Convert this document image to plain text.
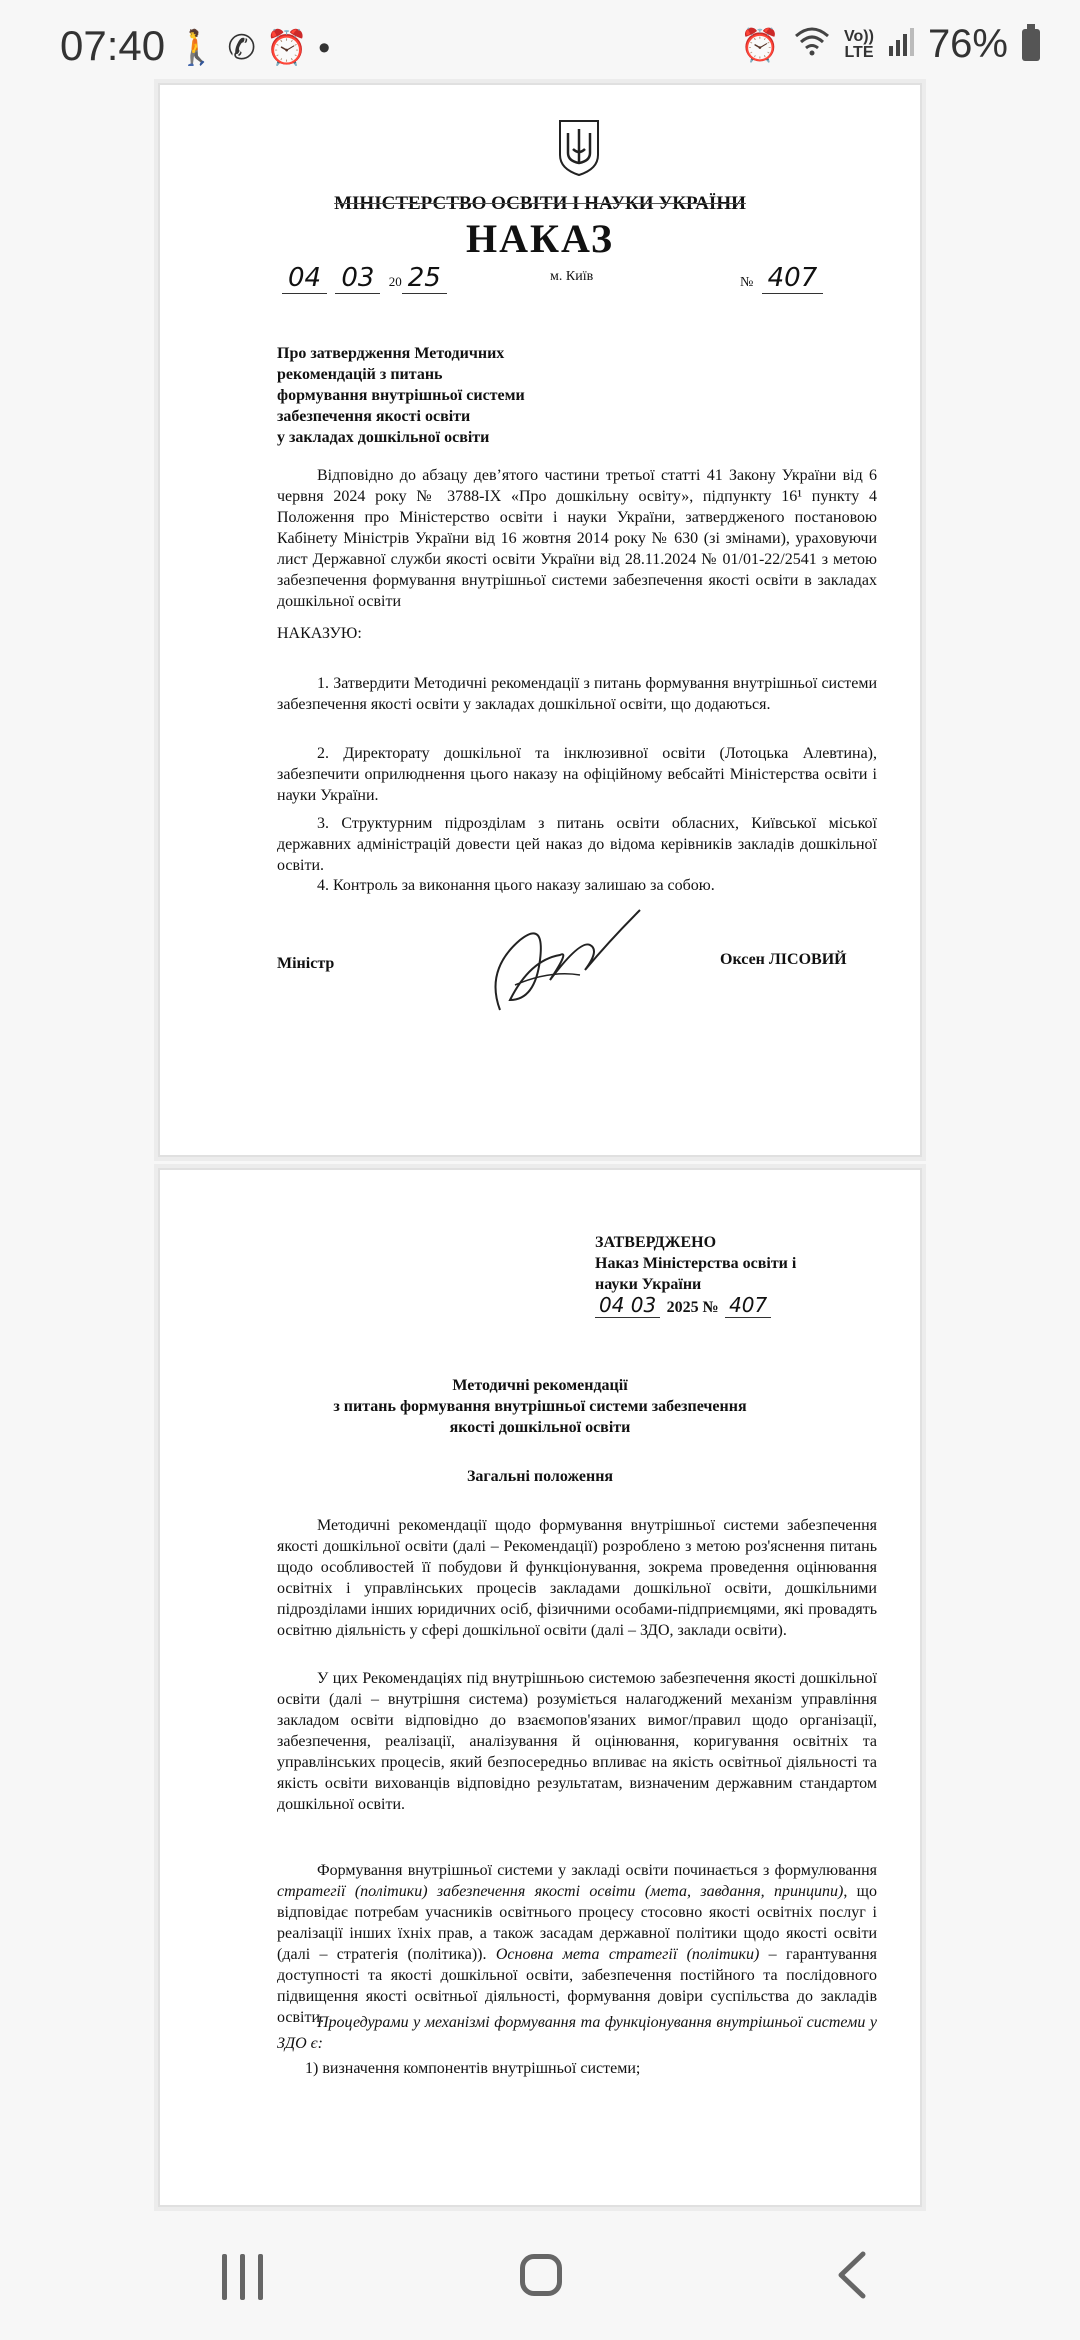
07:40 🚶✆⏰•	⏰	Vo))
LTE 76%
МІНІСТЕРСТВО ОСВІТИ І НАУКИ УКРАЇНИ
НАКАЗ
04 03 20 25	м. Київ	№ 407
Про затвердження Методичних
рекомендацій з питань
формування внутрішньої системи
забезпечення якості освіти
у закладах дошкільної освіти
Відповідно до абзацу дев’ятого частини третьої статті 41 Закону України від 6 червня 2024 року № 3788-IX «Про дошкільну освіту», підпункту 16¹ пункту 4 Положення про Міністерство освіти і науки України, затвердженого постановою Кабінету Міністрів України від 16 жовтня 2014 року № 630 (зі змінами), ураховуючи лист Державної служби якості освіти України від 28.11.2024 № 01/01-22/2541 з метою забезпечення формування внутрішньої системи забезпечення якості освіти в закладах дошкільної освіти
НАКАЗУЮ:
1. Затвердити Методичні рекомендації з питань формування внутрішньої системи забезпечення якості освіти у закладах дошкільної освіти, що додаються.
2. Директорату дошкільної та інклюзивної освіти (Лотоцька Алевтина), забезпечити оприлюднення цього наказу на офіційному вебсайті Міністерства освіти і науки України.
3. Структурним підрозділам з питань освіти обласних, Київської міської державних адміністрацій довести цей наказ до відома керівників закладів дошкільної освіти.
4. Контроль за виконання цього наказу залишаю за собою.
Міністр	Оксен ЛІСОВИЙ
ЗАТВЕРДЖЕНО
Наказ Міністерства освіти і
науки України
04 03 2025 № 407
Методичні рекомендації
з питань формування внутрішньої системи забезпечення
якості дошкільної освіти
Загальні положення
Методичні рекомендації щодо формування внутрішньої системи забезпечення якості дошкільної освіти (далі – Рекомендації) розроблено з метою роз'яснення питань щодо особливостей її побудови й функціонування, зокрема проведення оцінювання освітніх і управлінських процесів закладами дошкільної освіти, дошкільними підрозділами інших юридичних осіб, фізичними особами-підприємцями, які провадять освітню діяльність у сфері дошкільної освіти (далі – ЗДО, заклади освіти).
У цих Рекомендаціях під внутрішньою системою забезпечення якості дошкільної освіти (далі – внутрішня система) розуміється налагоджений механізм управління закладом освіти відповідно до взаємопов'язаних вимог/правил щодо організації, забезпечення, реалізації, аналізування й оцінювання, коригування освітніх та управлінських процесів, який безпосередньо впливає на якість освітньої діяльності та якість освіти вихованців відповідно результатам, визначеним державним стандартом дошкільної освіти.
Формування внутрішньої системи у закладі освіти починається з формулювання стратегії (політики) забезпечення якості освіти (мета, завдання, принципи), що відповідає потребам учасників освітнього процесу стосовно якості освітніх послуг і реалізації інших їхніх прав, а також засадам державної політики щодо якості освіти (далі – стратегія (політика)). Основна мета стратегії (політики) – гарантування доступності та якості дошкільної освіти, забезпечення постійного та послідовного підвищення якості освітньої діяльності, формування довіри суспільства до закладів освіти.
Процедурами у механізмі формування та функціонування внутрішньої системи у ЗДО є:
1) визначення компонентів внутрішньої системи;
